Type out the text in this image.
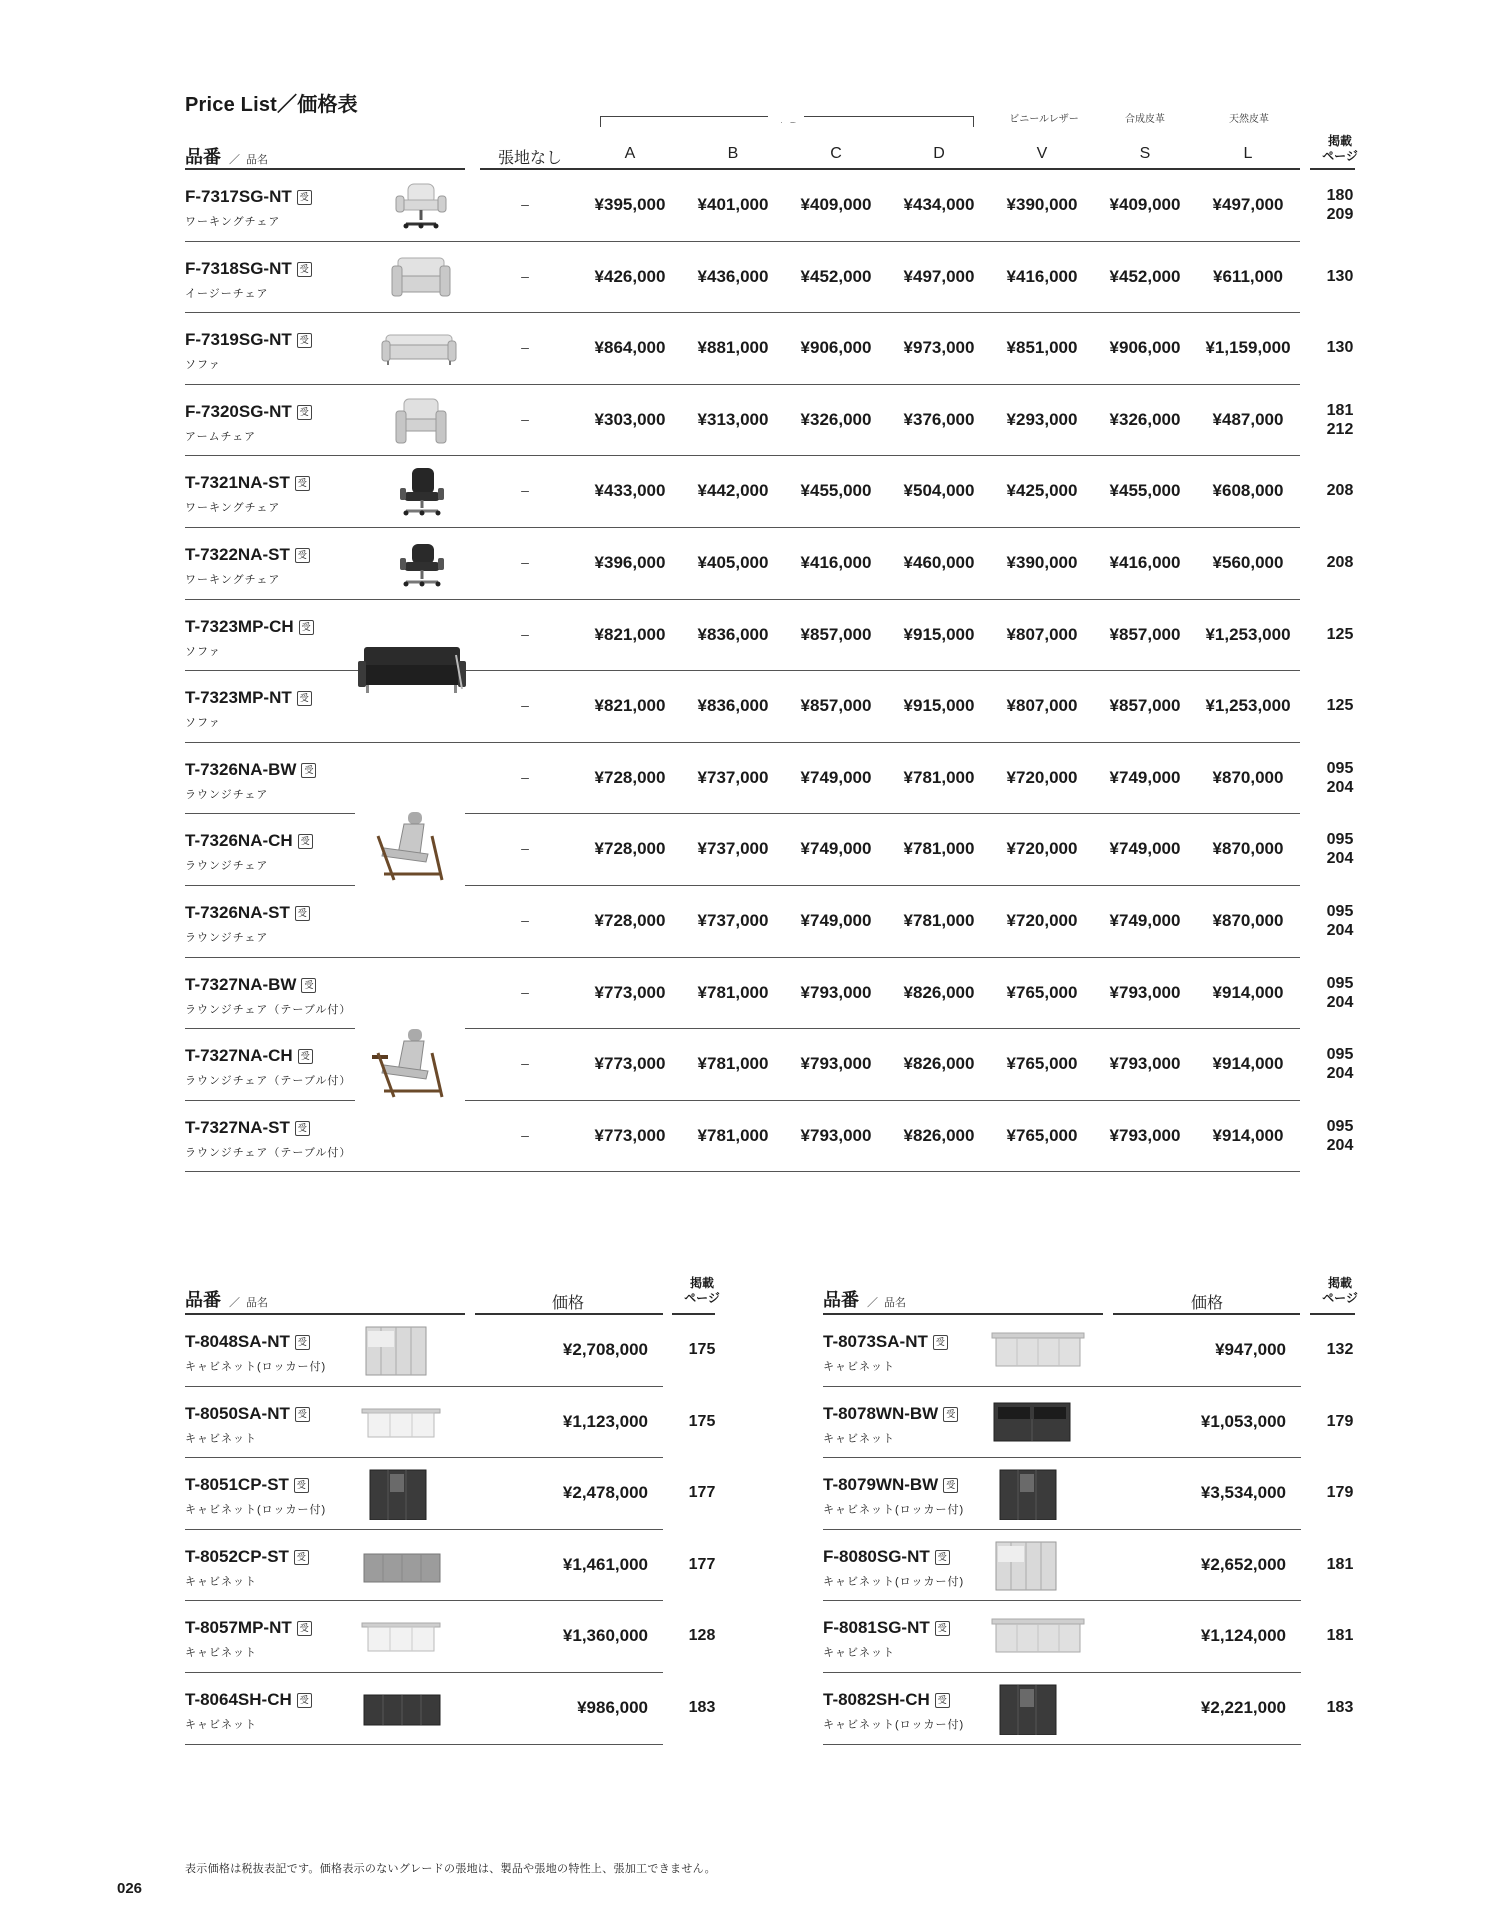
Price List／価格表
ビニールレザー	合成皮革	天然皮革
品番 ／ 品名	張地なし	A	B	C	D	V	S	L
掲載
ページ
F-7317SG-NT 受
ワーキングチェア
–	¥395,000	¥401,000	¥409,000	¥434,000	¥390,000	¥409,000	¥497,000	180
209
F-7318SG-NT 受
イージーチェア
–	¥426,000	¥436,000	¥452,000	¥497,000	¥416,000	¥452,000	¥611,000	130
F-7319SG-NT 受
ソファ
–	¥864,000	¥881,000	¥906,000	¥973,000	¥851,000	¥906,000	¥1,159,000	130
F-7320SG-NT 受
アームチェア
–	¥303,000	¥313,000	¥326,000	¥376,000	¥293,000	¥326,000	¥487,000	181
212
T-7321NA-ST 受
ワーキングチェア
–	¥433,000	¥442,000	¥455,000	¥504,000	¥425,000	¥455,000	¥608,000	208
T-7322NA-ST 受
ワーキングチェア
–	¥396,000	¥405,000	¥416,000	¥460,000	¥390,000	¥416,000	¥560,000	208
T-7323MP-CH 受
ソファ
–	¥821,000	¥836,000	¥857,000	¥915,000	¥807,000	¥857,000	¥1,253,000	125
T-7323MP-NT 受
ソファ
–	¥821,000	¥836,000	¥857,000	¥915,000	¥807,000	¥857,000	¥1,253,000	125
T-7326NA-BW 受
ラウンジチェア
–	¥728,000	¥737,000	¥749,000	¥781,000	¥720,000	¥749,000	¥870,000	095
204
T-7326NA-CH 受
ラウンジチェア
–	¥728,000	¥737,000	¥749,000	¥781,000	¥720,000	¥749,000	¥870,000	095
204
T-7326NA-ST 受
ラウンジチェア
–	¥728,000	¥737,000	¥749,000	¥781,000	¥720,000	¥749,000	¥870,000	095
204
T-7327NA-BW 受
ラウンジチェア（テーブル付）
–	¥773,000	¥781,000	¥793,000	¥826,000	¥765,000	¥793,000	¥914,000	095
204
T-7327NA-CH 受
ラウンジチェア（テーブル付）
–	¥773,000	¥781,000	¥793,000	¥826,000	¥765,000	¥793,000	¥914,000	095
204
T-7327NA-ST 受
ラウンジチェア（テーブル付）
–	¥773,000	¥781,000	¥793,000	¥826,000	¥765,000	¥793,000	¥914,000	095
204
品番 ／ 品名	価格
掲載
ページ	品番 ／ 品名	価格
掲載
ページ
T-8048SA-NT 受
キャビネット(ロッカー付)
¥2,708,000	175
T-8050SA-NT 受
キャビネット
¥1,123,000	175
T-8051CP-ST 受
キャビネット(ロッカー付)
¥2,478,000	177
T-8052CP-ST 受
キャビネット
¥1,461,000	177
T-8057MP-NT 受
キャビネット
¥1,360,000	128
T-8064SH-CH 受
キャビネット
¥986,000	183
T-8073SA-NT 受
キャビネット
¥947,000	132
T-8078WN-BW 受
キャビネット
¥1,053,000	179
T-8079WN-BW 受
キャビネット(ロッカー付)
¥3,534,000	179
F-8080SG-NT 受
キャビネット(ロッカー付)
¥2,652,000	181
F-8081SG-NT 受
キャビネット
¥1,124,000	181
T-8082SH-CH 受
キャビネット(ロッカー付)
¥2,221,000	183
表示価格は税抜表記です。価格表示のないグレードの張地は、製品や張地の特性上、張加工できません。
026
